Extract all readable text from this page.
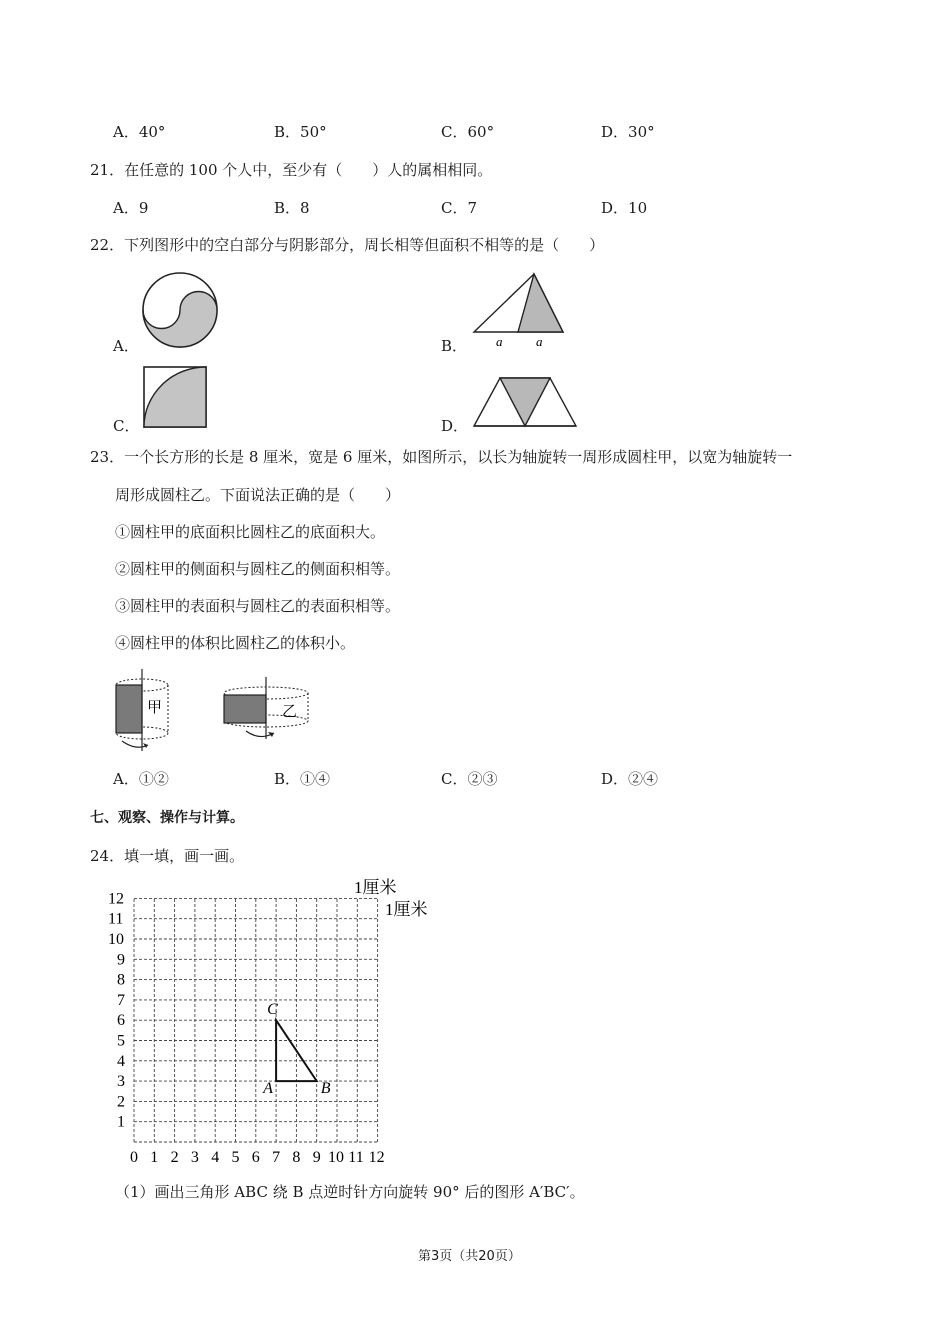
A．40°	B．50°	C．60°	D．30°
21．在任意的 100 个人中，至少有（　　）人的属相相同。
A．9	B．8	C．7	D．10
22．下列图形中的空白部分与阴影部分，周长相等但面积不相等的是（　　）
A．	B． a	a
C．	D．
23．一个长方形的长是 8 厘米，宽是 6 厘米，如图所示，以长为轴旋转一周形成圆柱甲，以宽为轴旋转一
周形成圆柱乙。下面说法正确的是（　　）
①圆柱甲的底面积比圆柱乙的底面积大。
②圆柱甲的侧面积与圆柱乙的侧面积相等。
③圆柱甲的表面积与圆柱乙的表面积相等。
④圆柱甲的体积比圆柱乙的体积小。
甲	乙
A．①②	B．①④	C．②③	D．②④
七、观察、操作与计算。
24．填一填，画一画。
0 1 2 3 4 5 6 7 8 9 10 11 12
1
2
3
4
5
6
7
8
9
10
11
12
A	B
C
1厘米
1厘米
（1）画出三角形 ABC 绕 B 点逆时针方向旋转 90° 后的图形 A′BC′。
第3页（共20页）
